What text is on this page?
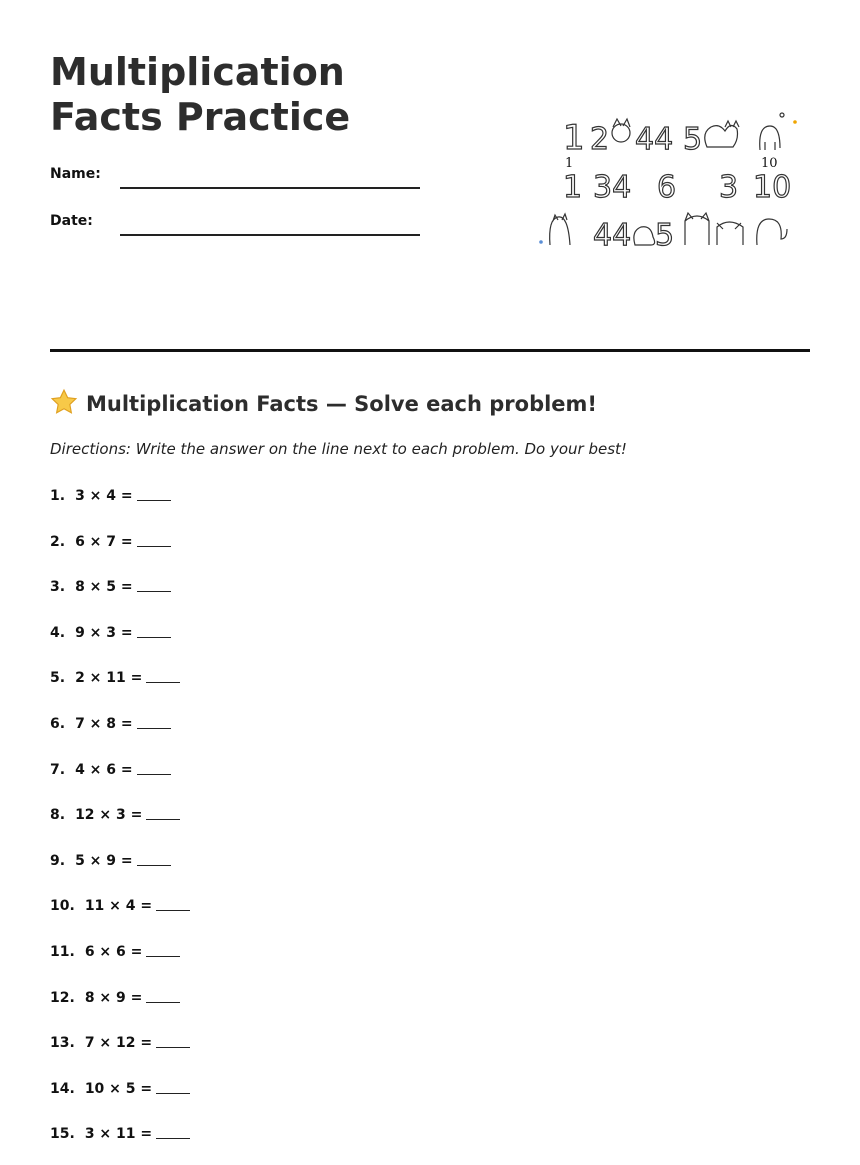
Multiplication Facts Practice
Name:
Date:
1 2 44 5
1 34 6 3 10
44 5
1	10
Multiplication Facts — Solve each problem!

Directions: Write the answer on the line next to each problem. Do your best!

1. 3 × 4 =
2. 6 × 7 =
3. 8 × 5 =
4. 9 × 3 =
5. 2 × 11 =
6. 7 × 8 =
7. 4 × 6 =
8. 12 × 3 =
9. 5 × 9 =
10. 11 × 4 =
11. 6 × 6 =
12. 8 × 9 =
13. 7 × 12 =
14. 10 × 5 =
15. 3 × 11 =
